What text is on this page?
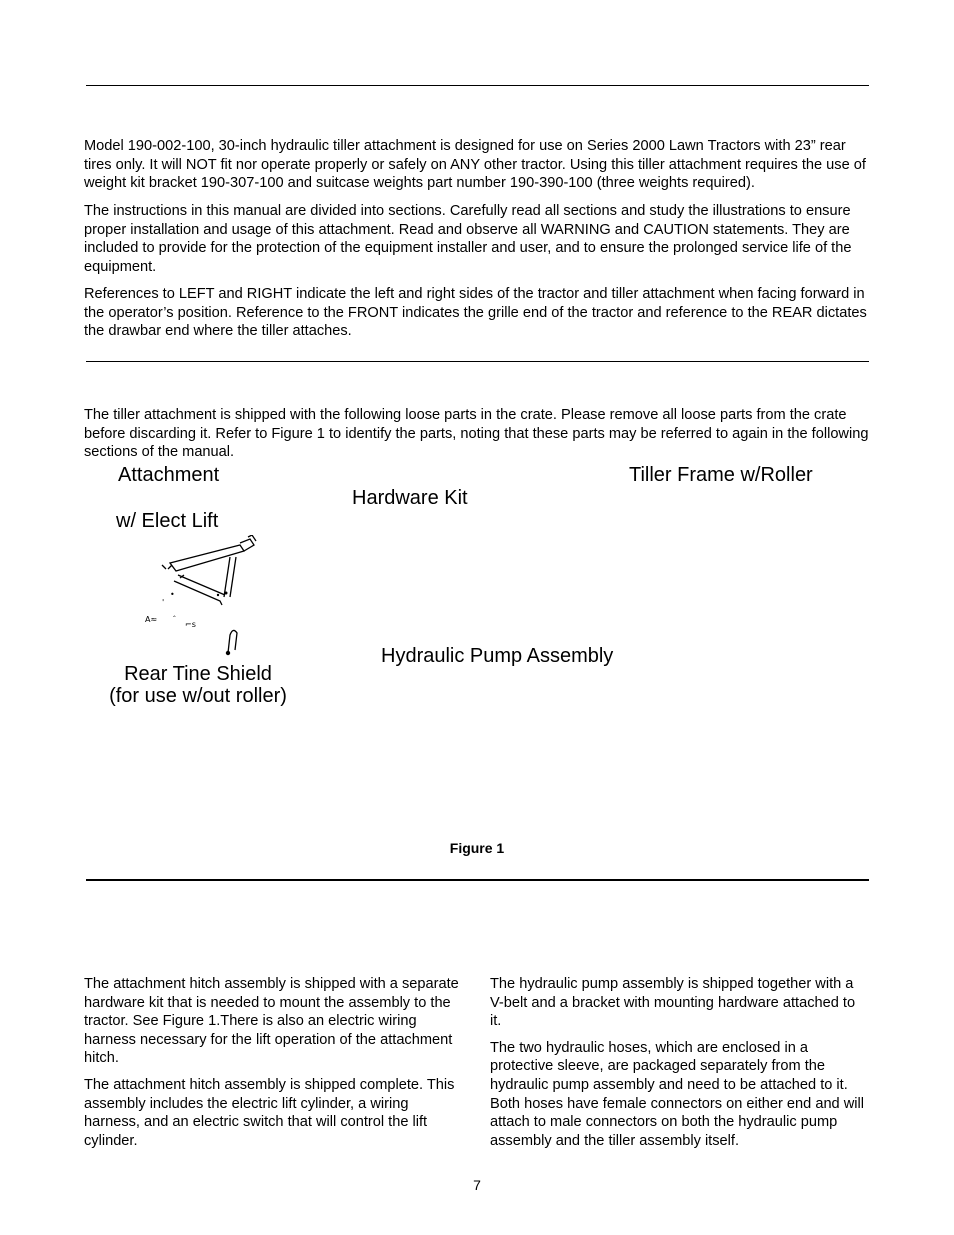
Model 190-002-100, 30-inch hydraulic tiller attachment is designed for use on Series 2000 Lawn Tractors with 23” rear tires only. It will NOT fit nor operate properly or safely on ANY other tractor. Using this tiller attachment requires the use of weight kit bracket 190-307-100 and suitcase weights part number 190-390-100 (three weights required).

The instructions in this manual are divided into sections. Carefully read all sections and study the illustrations to ensure proper installation and usage of this attachment. Read and observe all WARNING and CAUTION statements. They are included to provide for the protection of the equipment installer and user, and to ensure the prolonged service life of the equipment.

References to LEFT and RIGHT indicate the left and right sides of the tractor and tiller attachment when facing forward in the operator’s position. Reference to the FRONT indicates the grille end of the tractor and reference to the REAR dictates the drawbar end where the tiller attaches.

The tiller attachment is shipped with the following loose parts in the crate. Please remove all loose parts from the crate before discarding it. Refer to Figure 1 to identify the parts, noting that these parts may be referred to again in the following sections of the manual.

Attachment
Hardware Kit
Tiller Frame w/Roller
w/ Elect Lift
A≈
⌐s
•
'
‸
Hydraulic Pump Assembly
Rear Tine Shield
(for use w/out roller)
Figure 1

The attachment hitch assembly is shipped with a separate hardware kit that is needed to mount the assembly to the tractor. See Figure 1.There is also an electric wiring harness necessary for the lift operation of the attachment hitch.

The attachment hitch assembly is shipped complete. This assembly includes the electric lift cylinder, a wiring harness, and an electric switch that will control the lift cylinder.

The hydraulic pump assembly is shipped together with a V-belt and a bracket with mounting hardware attached to it.

The two hydraulic hoses, which are enclosed in a protective sleeve, are packaged separately from the hydraulic pump assembly and need to be attached to it. Both hoses have female connectors on either end and will attach to male connectors on both the hydraulic pump assembly and the tiller assembly itself.

7
